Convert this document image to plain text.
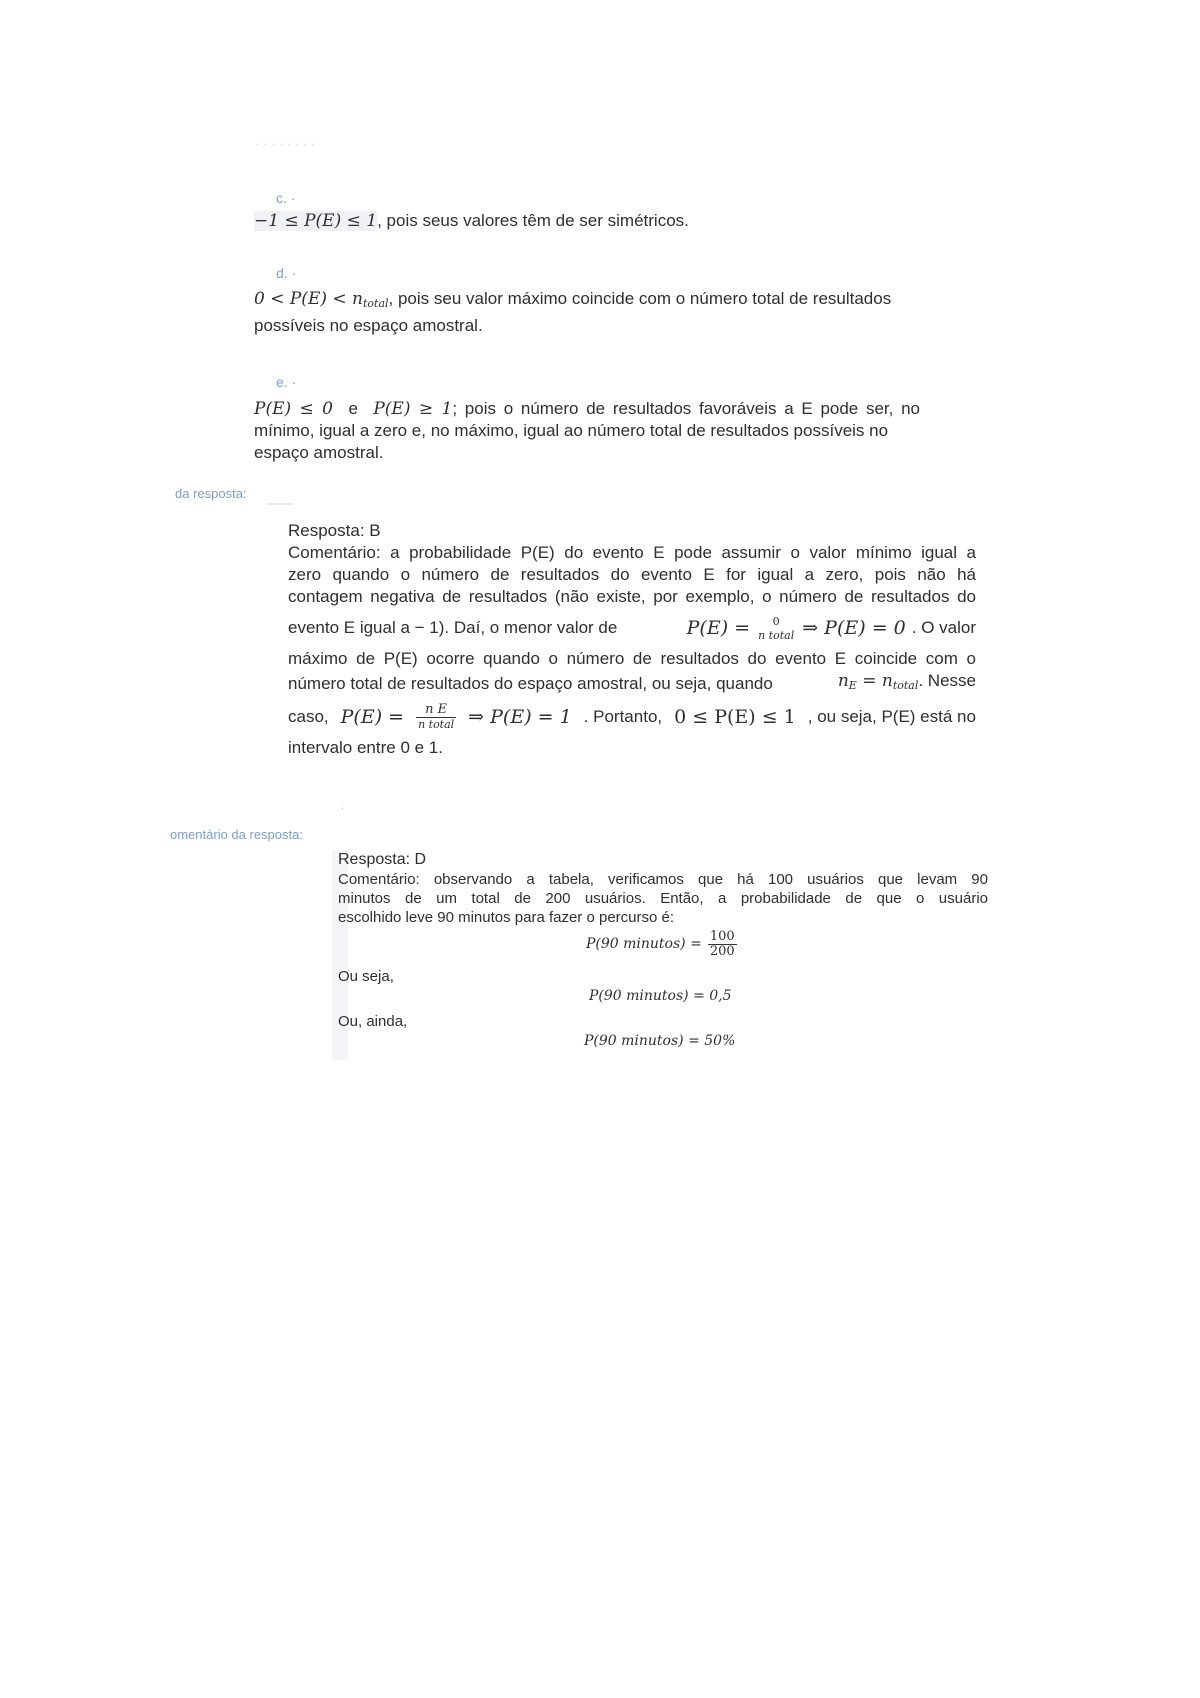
· · · · · · · ·
c. ·
−1 ≤ P(E) ≤ 1, pois seus valores têm de ser simétricos.
d. ·
$0 < P(E) < n_{total}$, pois seu valor máximo coincide com o número total de resultados
possíveis no espaço amostral.
e. ·
P(E) ≤ 0 e P(E) ≥ 1; pois o número de resultados favoráveis a E pode ser, no
mínimo, igual a zero e, no máximo, igual ao número total de resultados possíveis no
espaço amostral.
da resposta:
Resposta: B
Comentário: a probabilidade P(E) do evento E pode assumir o valor mínimo igual a
zero quando o número de resultados do evento E for igual a zero, pois não há
contagem negativa de resultados (não existe, por exemplo, o número de resultados do
evento E igual a − 1). Daí, o menor valor de	P(E) =	0
n total ⇒ P(E) = 0 . O valor
máximo de P(E) ocorre quando o número de resultados do evento E coincide com o
número total de resultados do espaço amostral, ou seja, quando	$n_E = n_{total}$. Nesse
caso, $P(E) = \frac{\text{n E}}{\text{n total}}$ ⇒ P(E) = 1 . Portanto, 0 ≤ P(E) ≤ 1 , ou seja, P(E) está no
intervalo entre 0 e 1.
·
omentário da resposta:
Resposta: D
Comentário: observando a tabela, verificamos que há 100 usuários que levam 90
minutos de um total de 200 usuários. Então, a probabilidade de que o usuário
escolhido leve 90 minutos para fazer o percurso é:
P(90 minutos) = $\frac{100}{200}$
Ou seja,
P(90 minutos) = 0,5
Ou, ainda,
P(90 minutos) = 50%
